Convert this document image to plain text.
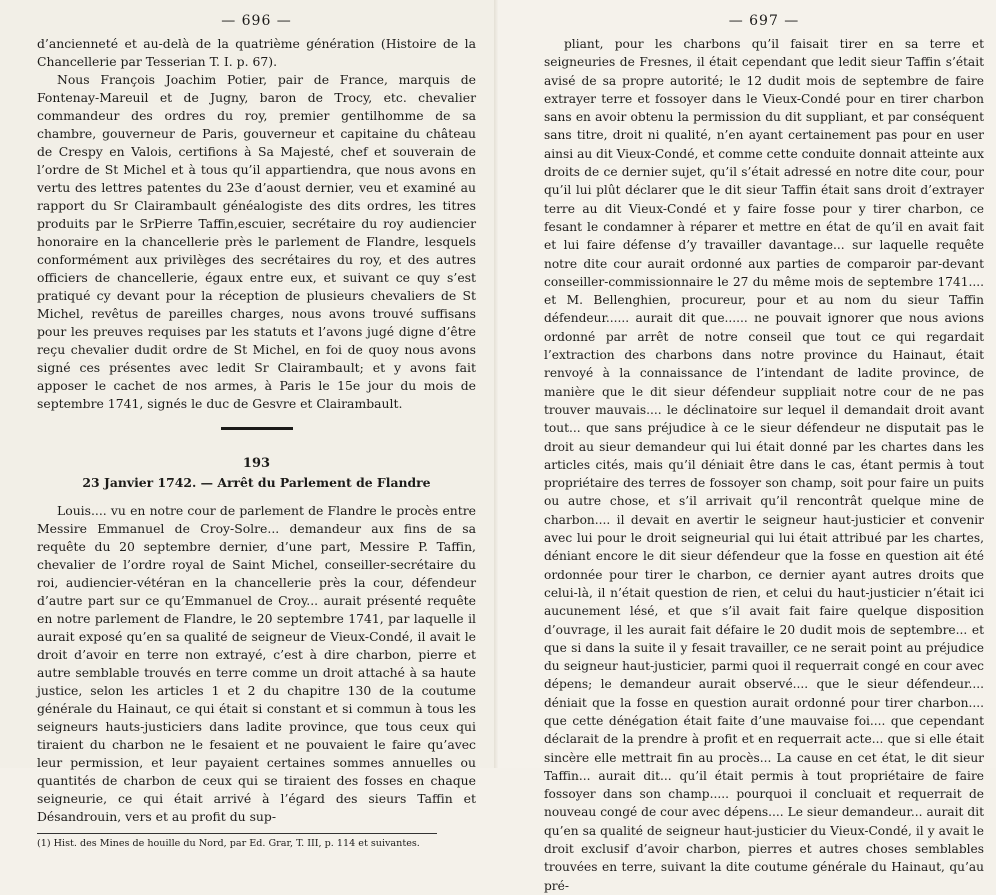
— 696 —

d’ancienneté et au-delà de la quatrième génération (Histoire de la Chancellerie par Tesserian T. I. p. 67).

Nous François Joachim Potier, pair de France, marquis de Fontenay-Mareuil et de Jugny, baron de Trocy, etc. chevalier commandeur des ordres du roy, premier gentilhomme de sa chambre, gouverneur de Paris, gouverneur et capitaine du château de Crespy en Valois, certifions à Sa Majesté, chef et souverain de l’ordre de St Michel et à tous qu’il appartiendra, que nous avons en vertu des lettres patentes du 23e d’aoust dernier, veu et examiné au rapport du Sr Clairambault généalogiste des dits ordres, les titres produits par le SrPierre Taffin,escuier, secrétaire du roy audiencier honoraire en la chancellerie près le parlement de Flandre, lesquels conformément aux privilèges des secrétaires du roy, et des autres officiers de chancellerie, égaux entre eux, et suivant ce quy s’est pratiqué cy devant pour la réception de plusieurs chevaliers de St Michel, revêtus de pareilles charges, nous avons trouvé suffisans pour les preuves requises par les statuts et l’avons jugé digne d’être reçu chevalier dudit ordre de St Michel, en foi de quoy nous avons signé ces présentes avec ledit Sr Clairambault; et y avons fait apposer le cachet de nos armes, à Paris le 15e jour du mois de septembre 1741, signés le duc de Gesvre et Clairambault.

193
23 Janvier 1742. — Arrêt du Parlement de Flandre

Louis.... vu en notre cour de parlement de Flandre le procès entre Messire Emmanuel de Croy-Solre... demandeur aux fins de sa requête du 20 septembre dernier, d’une part, Messire P. Taffin, chevalier de l’ordre royal de Saint Michel, conseiller-secrétaire du roi, audiencier-vétéran en la chancellerie près la cour, défendeur d’autre part sur ce qu’Emmanuel de Croy... aurait présenté requête en notre parlement de Flandre, le 20 septembre 1741, par laquelle il aurait exposé qu’en sa qualité de seigneur de Vieux-Condé, il avait le droit d’avoir en terre non extrayé, c’est à dire charbon, pierre et autre semblable trouvés en terre comme un droit attaché à sa haute justice, selon les articles 1 et 2 du chapitre 130 de la coutume générale du Hainaut, ce qui était si constant et si commun à tous les seigneurs hauts-justiciers dans ladite province, que tous ceux qui tiraient du charbon ne le fesaient et ne pouvaient le faire qu’avec leur permission, et leur payaient certaines sommes annuelles ou quantités de charbon de ceux qui se tiraient des fosses en chaque seigneurie, ce qui était arrivé à l’égard des sieurs Taffin et Désandrouin, vers et au profit du sup-

(1) Hist. des Mines de houille du Nord, par Ed. Grar, T. III, p. 114 et suivantes.

— 697 —

pliant, pour les charbons qu’il faisait tirer en sa terre et seigneuries de Fresnes, il était cependant que ledit sieur Taffin s’était avisé de sa propre autorité; le 12 dudit mois de septembre de faire extrayer terre et fossoyer dans le Vieux-Condé pour en tirer charbon sans en avoir obtenu la permission du dit suppliant, et par conséquent sans titre, droit ni qualité, n’en ayant certainement pas pour en user ainsi au dit Vieux-Condé, et comme cette conduite donnait atteinte aux droits de ce dernier sujet, qu’il s’était adressé en notre dite cour, pour qu’il lui plût déclarer que le dit sieur Taffin était sans droit d’extrayer terre au dit Vieux-Condé et y faire fosse pour y tirer charbon, ce fesant le condamner à réparer et mettre en état de qu’il en avait fait et lui faire défense d’y travailler davantage... sur laquelle requête notre dite cour aurait ordonné aux parties de comparoir par-devant conseiller-commissionnaire le 27 du même mois de septembre 1741.... et M. Bellenghien, procureur, pour et au nom du sieur Taffin défendeur...... aurait dit que...... ne pouvait ignorer que nous avions ordonné par arrêt de notre conseil que tout ce qui regardait l’extraction des charbons dans notre province du Hainaut, était renvoyé à la connaissance de l’intendant de ladite province, de manière que le dit sieur défendeur suppliait notre cour de ne pas trouver mauvais.... le déclinatoire sur lequel il demandait droit avant tout... que sans préjudice à ce le sieur défendeur ne disputait pas le droit au sieur demandeur qui lui était donné par les chartes dans les articles cités, mais qu’il déniait être dans le cas, étant permis à tout propriétaire des terres de fossoyer son champ, soit pour faire un puits ou autre chose, et s’il arrivait qu’il rencontrât quelque mine de charbon.... il devait en avertir le seigneur haut-justicier et convenir avec lui pour le droit seigneurial qui lui était attribué par les chartes, déniant encore le dit sieur défendeur que la fosse en question ait été ordonnée pour tirer le charbon, ce dernier ayant autres droits que celui-là, il n’était question de rien, et celui du haut-justicier n’était ici aucunement lésé, et que s’il avait fait faire quelque disposition d’ouvrage, il les aurait fait défaire le 20 dudit mois de septembre... et que si dans la suite il y fesait travailler, ce ne serait point au préjudice du seigneur haut-justicier, parmi quoi il requerrait congé en cour avec dépens; le demandeur aurait observé.... que le sieur défendeur.... déniait que la fosse en question aurait ordonné pour tirer charbon.... que cette dénégation était faite d’une mauvaise foi.... que cependant déclarait de la prendre à profit et en requerrait acte... que si elle était sincère elle mettrait fin au procès... La cause en cet état, le dit sieur Taffin... aurait dit... qu’il était permis à tout propriétaire de faire fossoyer dans son champ..... pourquoi il concluait et requerrait de nouveau congé de cour avec dépens.... Le sieur demandeur... aurait dit qu’en sa qualité de seigneur haut-justicier du Vieux-Condé, il y avait le droit exclusif d’avoir charbon, pierres et autres choses semblables trouvées en terre, suivant la dite coutume générale du Hainaut, qu’au pré-
